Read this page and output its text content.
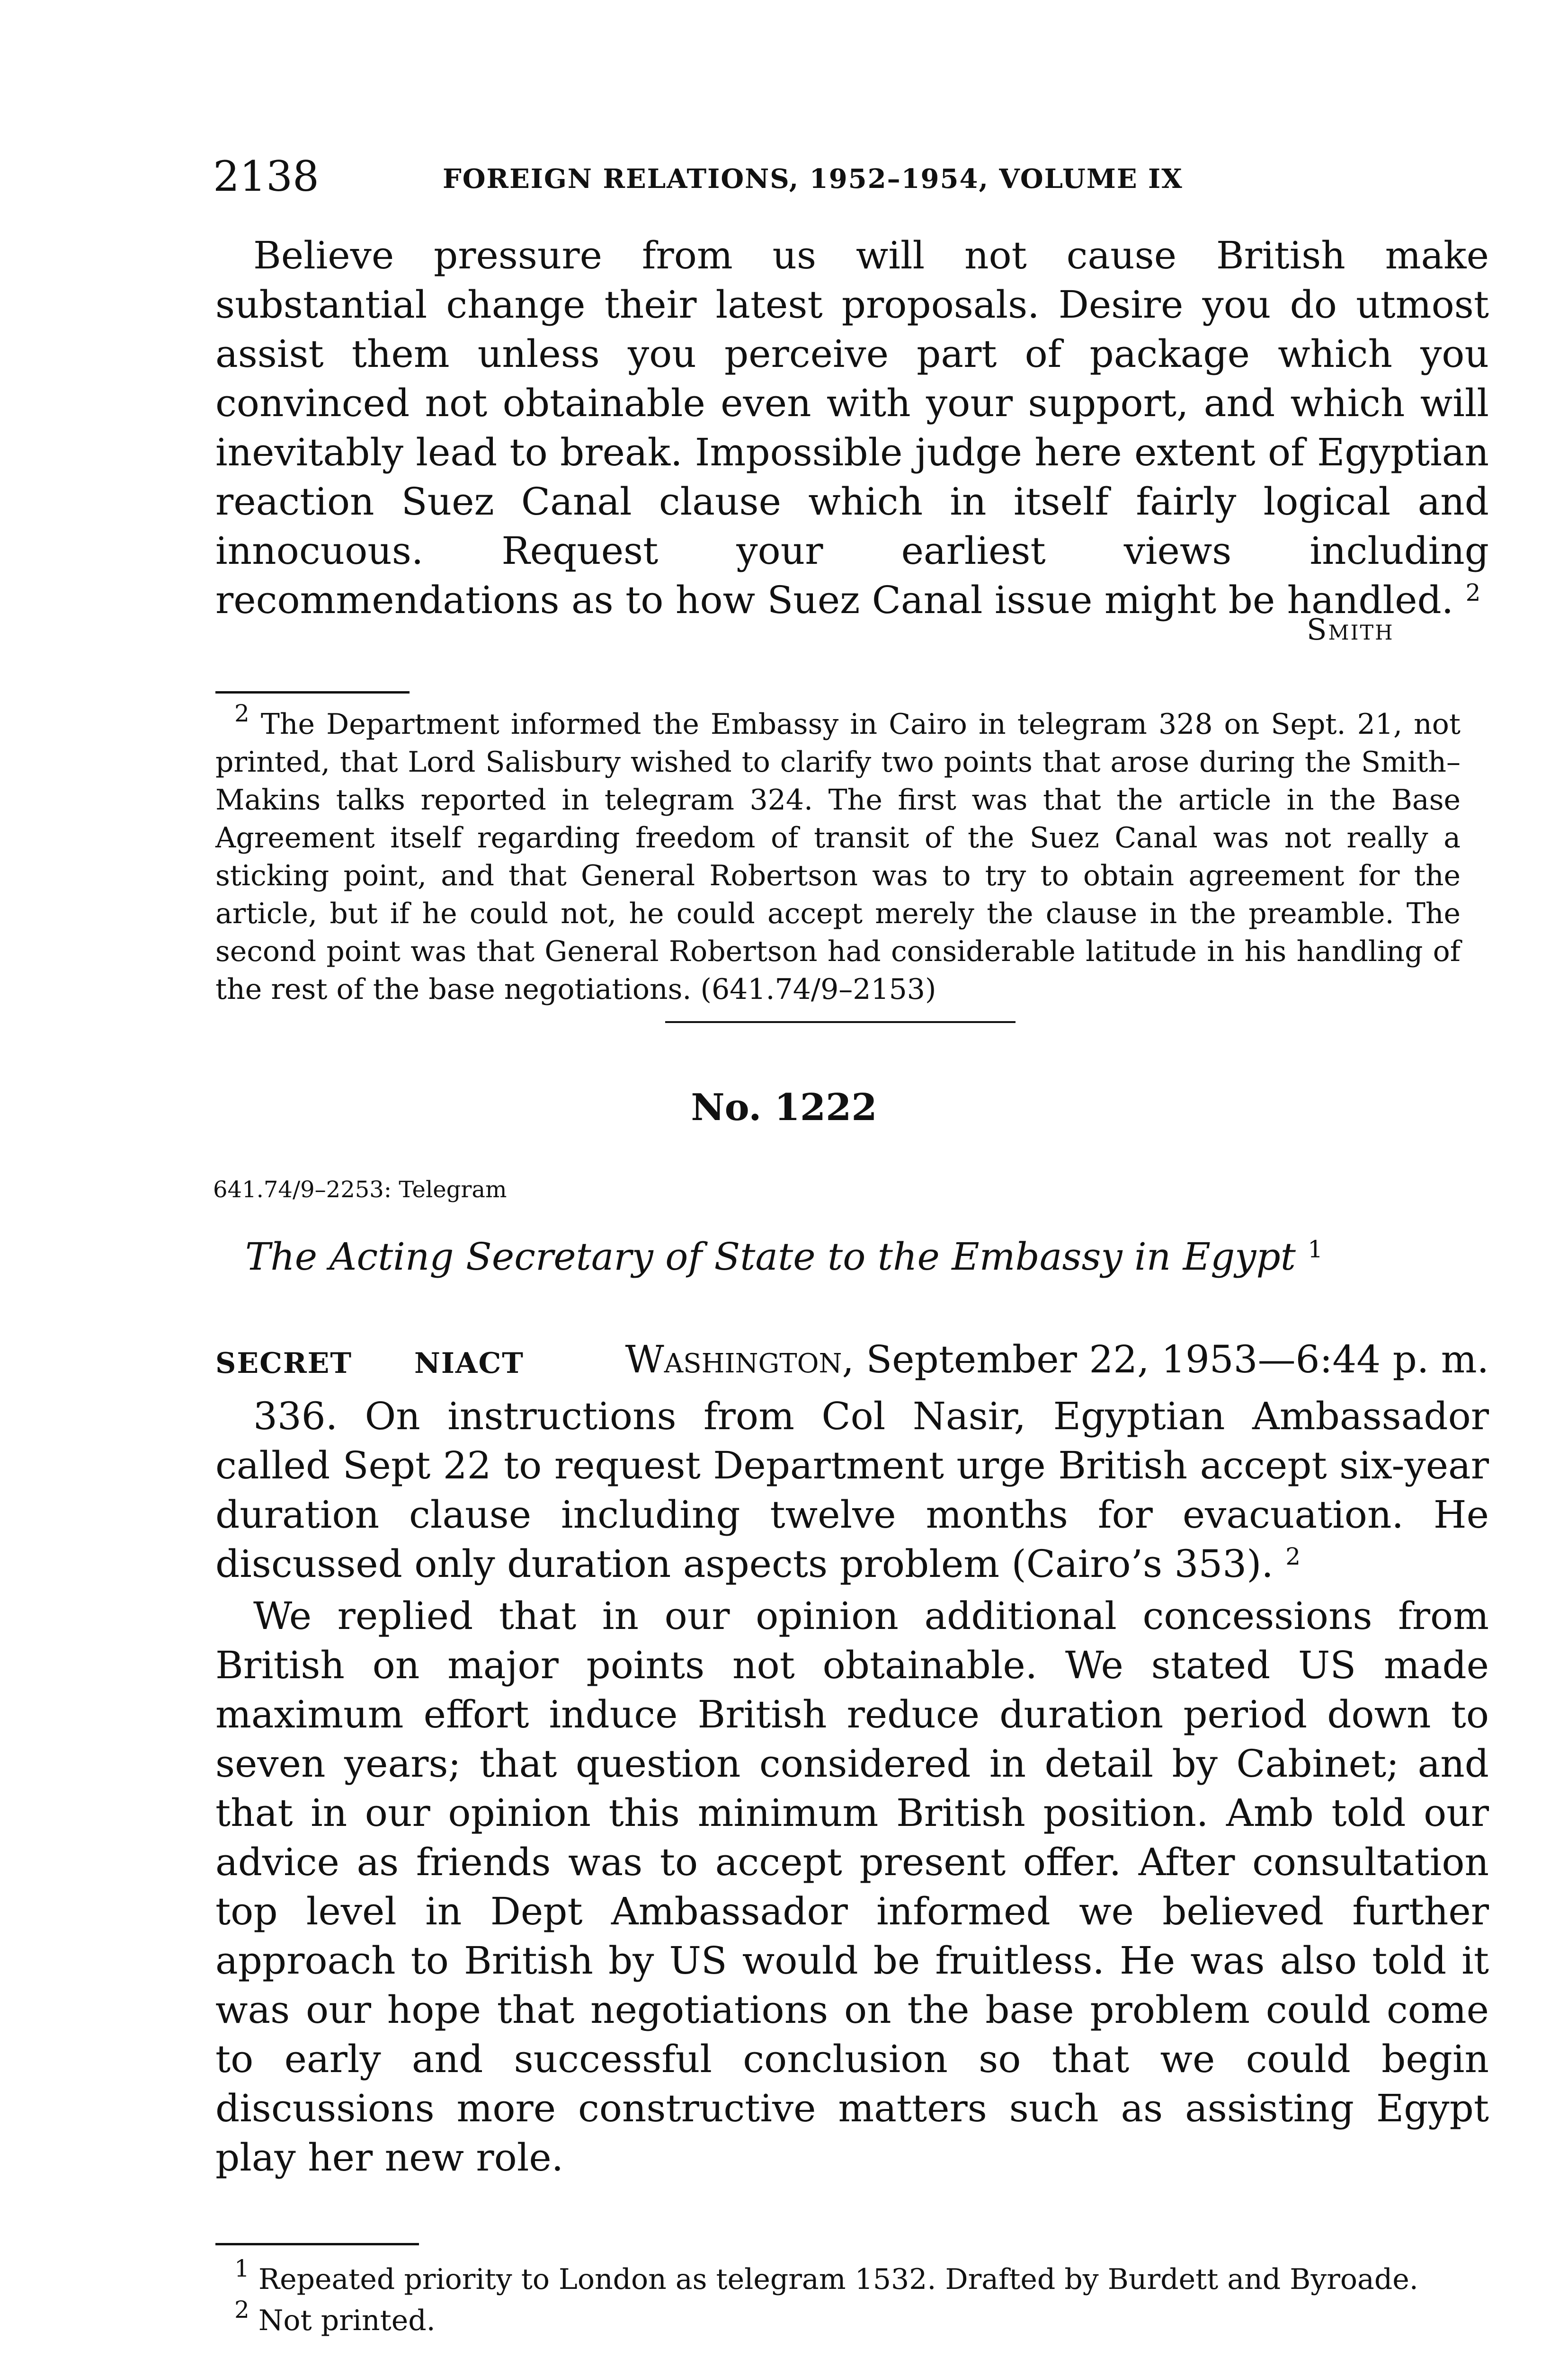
2138	FOREIGN RELATIONS, 1952–1954, VOLUME IX

Believe pressure from us will not cause British make substantial change their latest proposals. Desire you do utmost assist them unless you perceive part of package which you convinced not obtainable even with your support, and which will inevitably lead to break. Impossible judge here extent of Egyptian reaction Suez Canal clause which in itself fairly logical and innocuous. Request your earliest views including recommendations as to how Suez Canal issue might be handled. $^2$

Smith

$^2$ The Department informed the Embassy in Cairo in telegram 328 on Sept. 21, not printed, that Lord Salisbury wished to clarify two points that arose during the Smith–Makins talks reported in telegram 324. The first was that the article in the Base Agreement itself regarding freedom of transit of the Suez Canal was not really a sticking point, and that General Robertson was to try to obtain agreement for the article, but if he could not, he could accept merely the clause in the preamble. The second point was that General Robertson had considerable latitude in his handling of the rest of the base negotiations. (641.74/9–2153)

No. 1222
641.74/9–2253: Telegram
The Acting Secretary of State to the Embassy in Egypt $^1$
SECRET NIACT	Washington, September 22, 1953—6:44 p. m.

336. On instructions from Col Nasir, Egyptian Ambassador called Sept 22 to request Department urge British accept six-year duration clause including twelve months for evacuation. He discussed only duration aspects problem (Cairo’s 353). $^2$

We replied that in our opinion additional concessions from British on major points not obtainable. We stated US made maximum effort induce British reduce duration period down to seven years; that question considered in detail by Cabinet; and that in our opinion this minimum British position. Amb told our advice as friends was to accept present offer. After consultation top level in Dept Ambassador informed we believed further approach to British by US would be fruitless. He was also told it was our hope that negotiations on the base problem could come to early and successful conclusion so that we could begin discussions more constructive matters such as assisting Egypt play her new role.

$^1$ Repeated priority to London as telegram 1532. Drafted by Burdett and Byroade.

$^2$ Not printed.
